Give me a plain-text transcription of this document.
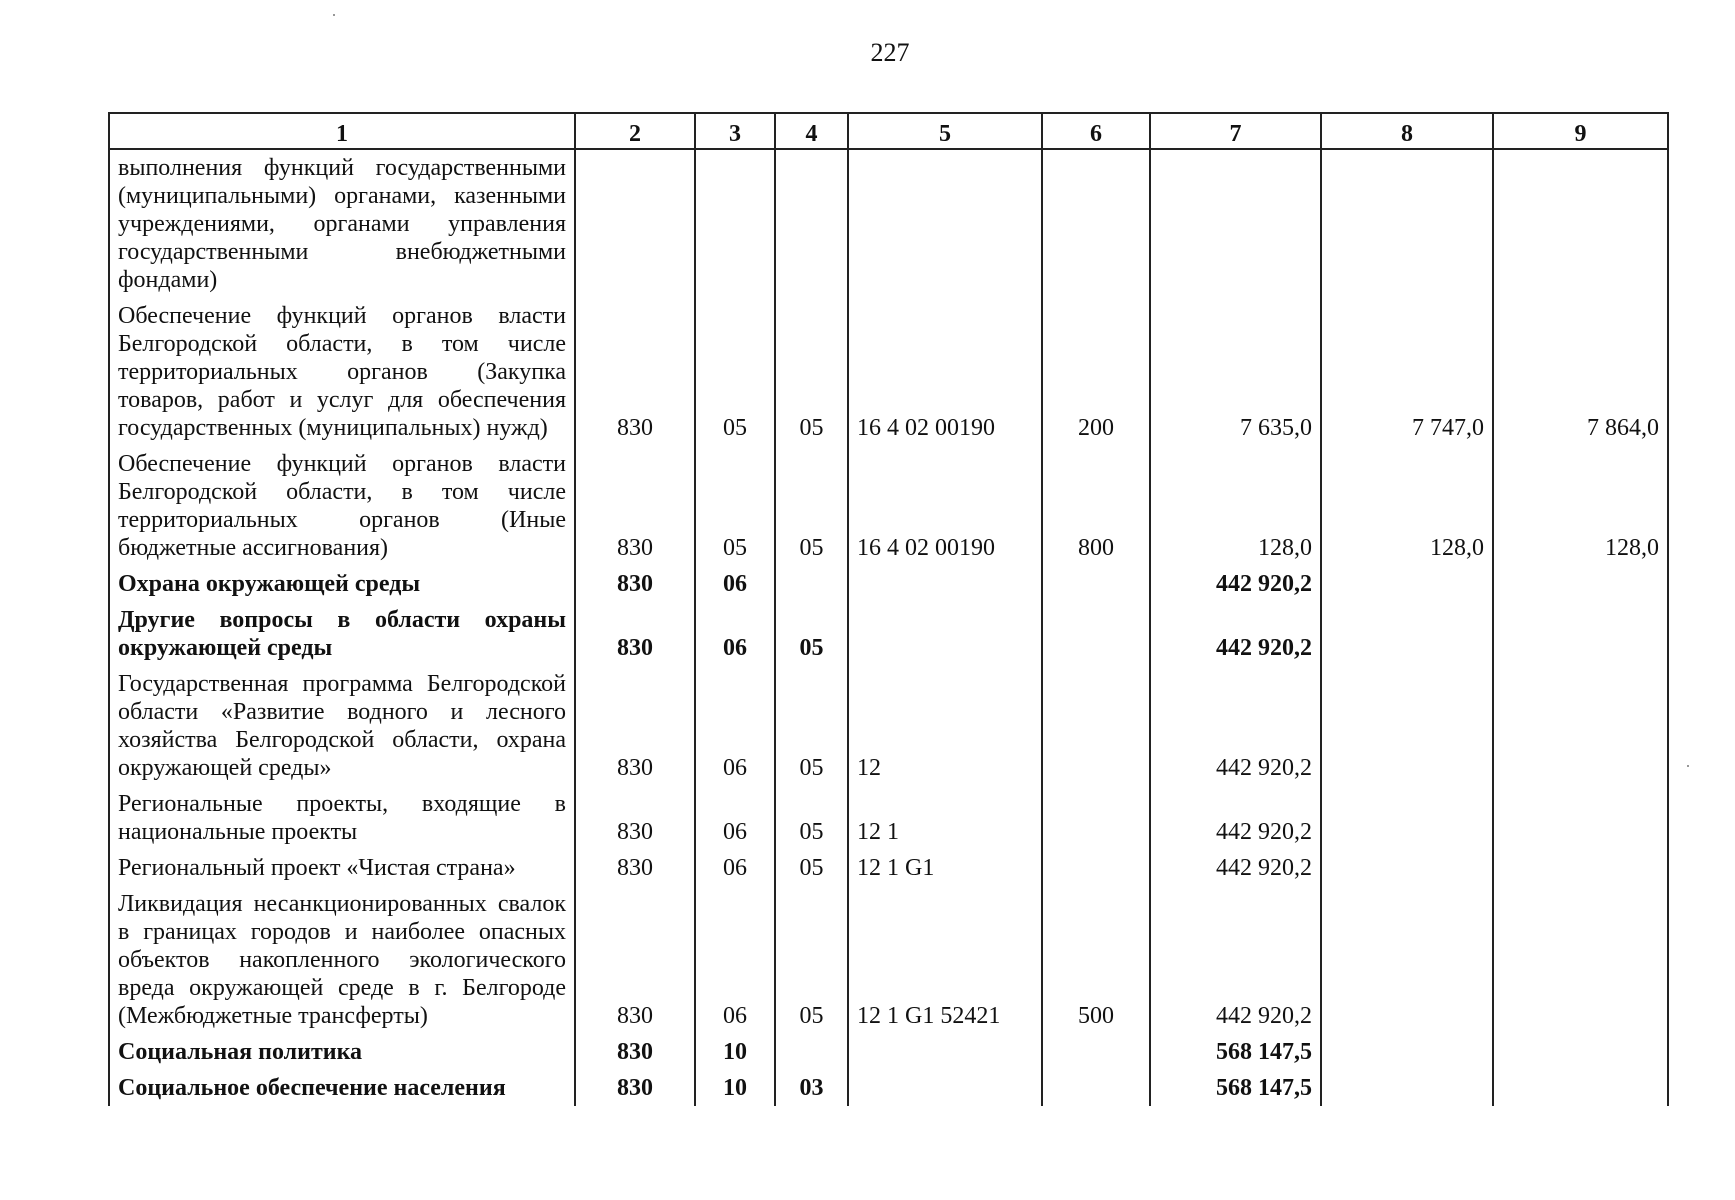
227
1	2	3	4	5	6	7	8	9
выполнения функций государственными (муниципальными) органами, казенными учреждениями, органами управления государственными внебюджетными фондами)								
Обеспечение функций органов власти Белгородской области, в том числе территориальных органов (Закупка товаров, работ и услуг для обеспечения государственных (муниципальных) нужд)	830	05	05	16 4 02 00190	200	7 635,0	7 747,0	7 864,0
Обеспечение функций органов власти Белгородской области, в том числе территориальных органов (Иные бюджетные ассигнования)	830	05	05	16 4 02 00190	800	128,0	128,0	128,0
Охрана окружающей среды	830	06				442 920,2		
Другие вопросы в области охраны окружающей среды	830	06	05			442 920,2		
Государственная программа Белгородской области «Развитие водного и лесного хозяйства Белгородской области, охрана окружающей среды»	830	06	05	12		442 920,2		
Региональные проекты, входящие в национальные проекты	830	06	05	12 1		442 920,2		
Региональный проект «Чистая страна»	830	06	05	12 1 G1		442 920,2		
Ликвидация несанкционированных свалок в границах городов и наиболее опасных объектов накопленного экологического вреда окружающей среде в г. Белгороде (Межбюджетные трансферты)	830	06	05	12 1 G1 52421	500	442 920,2		
Социальная политика	830	10				568 147,5		
Социальное обеспечение населения	830	10	03			568 147,5		
